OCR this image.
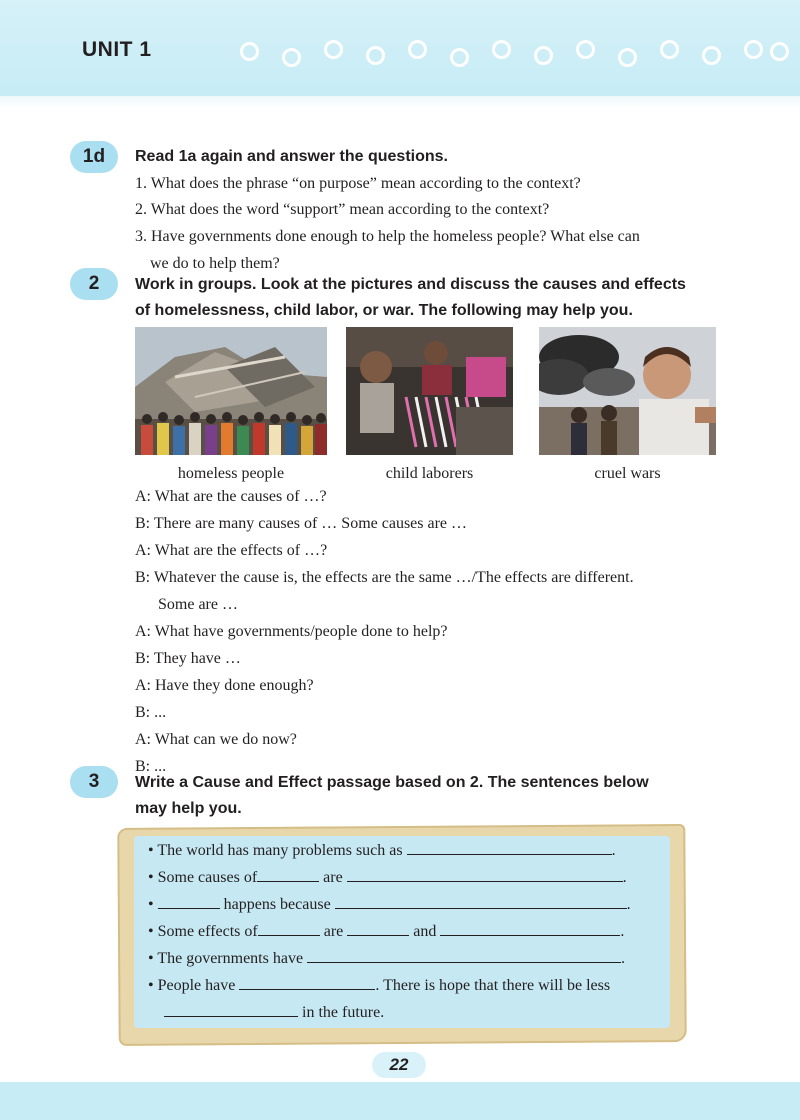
UNIT 1
1d	Read 1a again and answer the questions.
1. What does the phrase “on purpose” mean according to the context?
2. What does the word “support” mean according to the context?
3. Have governments done enough to help the homeless people? What else can
we do to help them?
2	Work in groups. Look at the pictures and discuss the causes and effects
of homelessness, child labor, or war. The following may help you.
homeless people	child laborers	cruel wars
A: What are the causes of …?
B: There are many causes of … Some causes are …
A: What are the effects of …?
B: Whatever the cause is, the effects are the same …/The effects are different.
Some are …
A: What have governments/people done to help?
B: They have …
A: Have they done enough?
B: ...
A: What can we do now?
B: ...
3	Write a Cause and Effect passage based on 2. The sentences below
may help you.
• The world has many problems such as	.
• Some causes of	are	.
•	happens because	.
• Some effects of	are	and	.
• The governments have	.
• People have	. There is hope that there will be less
in the future.
22
